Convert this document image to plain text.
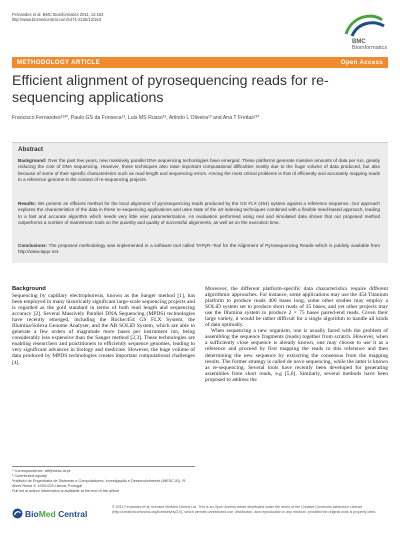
Fernandes et al. BMC Bioinformatics 2011, 12:163
http://www.biomedcentral.com/1471-2105/12/163
BMC
Bioinformatics
METHODOLOGY ARTICLE	Open Access
Efficient alignment of pyrosequencing reads for re-sequencing applications
Francisco Fernandes¹²³*, Paulo GS da Fonseca¹³, Luis MS Russo¹³, Arlindo L Oliveira¹³ and Ana T Freitas¹³*
Abstract
Background: Over the past few years, new massively parallel DNA sequencing technologies have emerged. These platforms generate massive amounts of data per run, greatly reducing the cost of DNA sequencing. However, these techniques also raise important computational difficulties mostly due to the huge volume of data produced, but also because of some of their specific characteristics such as read length and sequencing errors. Among the most critical problems is that of efficiently and accurately mapping reads to a reference genome in the context of re-sequencing projects.
Results: We present an efficient method for the local alignment of pyrosequencing reads produced by the GS FLX (454) system against a reference sequence. Our approach explores the characteristics of the data in these re-sequencing applications and uses state of the art indexing techniques combined with a flexible seed-based approach, leading to a fast and accurate algorithm which needs very little user parameterization. An evaluation performed using real and simulated data shows that our proposed method outperforms a number of mainstream tools on the quantity and quality of successful alignments, as well as on the execution time.
Conclusions: The proposed methodology was implemented in a software tool called TAPyR–Tool for the Alignment of Pyrosequencing Reads–which is publicly available from http://www.tapyr.net.
Background

Sequencing by capillary electrophoresis, known as the Sanger method [1], has been employed in many historically significant large-scale sequencing projects and is regarded as the gold standard in terms of both read length and sequencing accuracy [2]. Several Massively Parallel DNA Sequencing (MPDS) technologies have recently emerged, including the Roche/454 GS FLX System, the Illumina/Solexa Genome Analyser, and the AB SOLiD System, which are able to generate a few orders of magnitude more bases per instrument run, being considerably less expensive than the Sanger method [2,3]. These technologies are enabling researchers and practitioners to efficiently sequence genomes, leading to very significant advances in biology and medicine. However, the huge volume of data produced by MPDS technologies creates important computational challenges [4].

Moreover, the different platform-specific data characteristics require different algorithmic approaches. For instance, some applications may use the 454 Titanium platform to produce reads 400 bases long, some other studies may employ a SOLiD system set to produce short reads of 35 bases, and yet other projects may use the Illumina system to produce 2 × 75 bases paired-end reads. Given their large variety, it would be rather difficult for a single algorithm to handle all kinds of data optimally.

When sequencing a new organism, one is usually faced with the problem of assembling the sequence fragments (reads) together from scratch. However, when a sufficiently close sequence is already known, one may choose to use it as a reference and proceed by first mapping the reads to this reference and then determining the new sequence by extracting the consensus from the mapping results. The former strategy is called de novo sequencing, while the latter is known as re-sequencing. Several tools have recently been developed for generating assemblies from short reads, e.g [5,6]. Similarly, several methods have been proposed to address the

* Correspondence: aff@inesc-id.pt
¹ Contributed equally
¹Instituto de Engenharia de Sistemas e Computadores: Investigação e Desenvolvimento (INESC-ID), R. Alves Redol 9, 1000-029 Lisboa, Portugal
Full list of author information is available at the end of the article
BioMed Central
© 2011 Fernandes et al; licensee BioMed Central Ltd. This is an Open Access article distributed under the terms of the Creative Commons Attribution License (http://creativecommons.org/licenses/by/2.0), which permits unrestricted use, distribution, and reproduction in any medium, provided the original work is properly cited.
